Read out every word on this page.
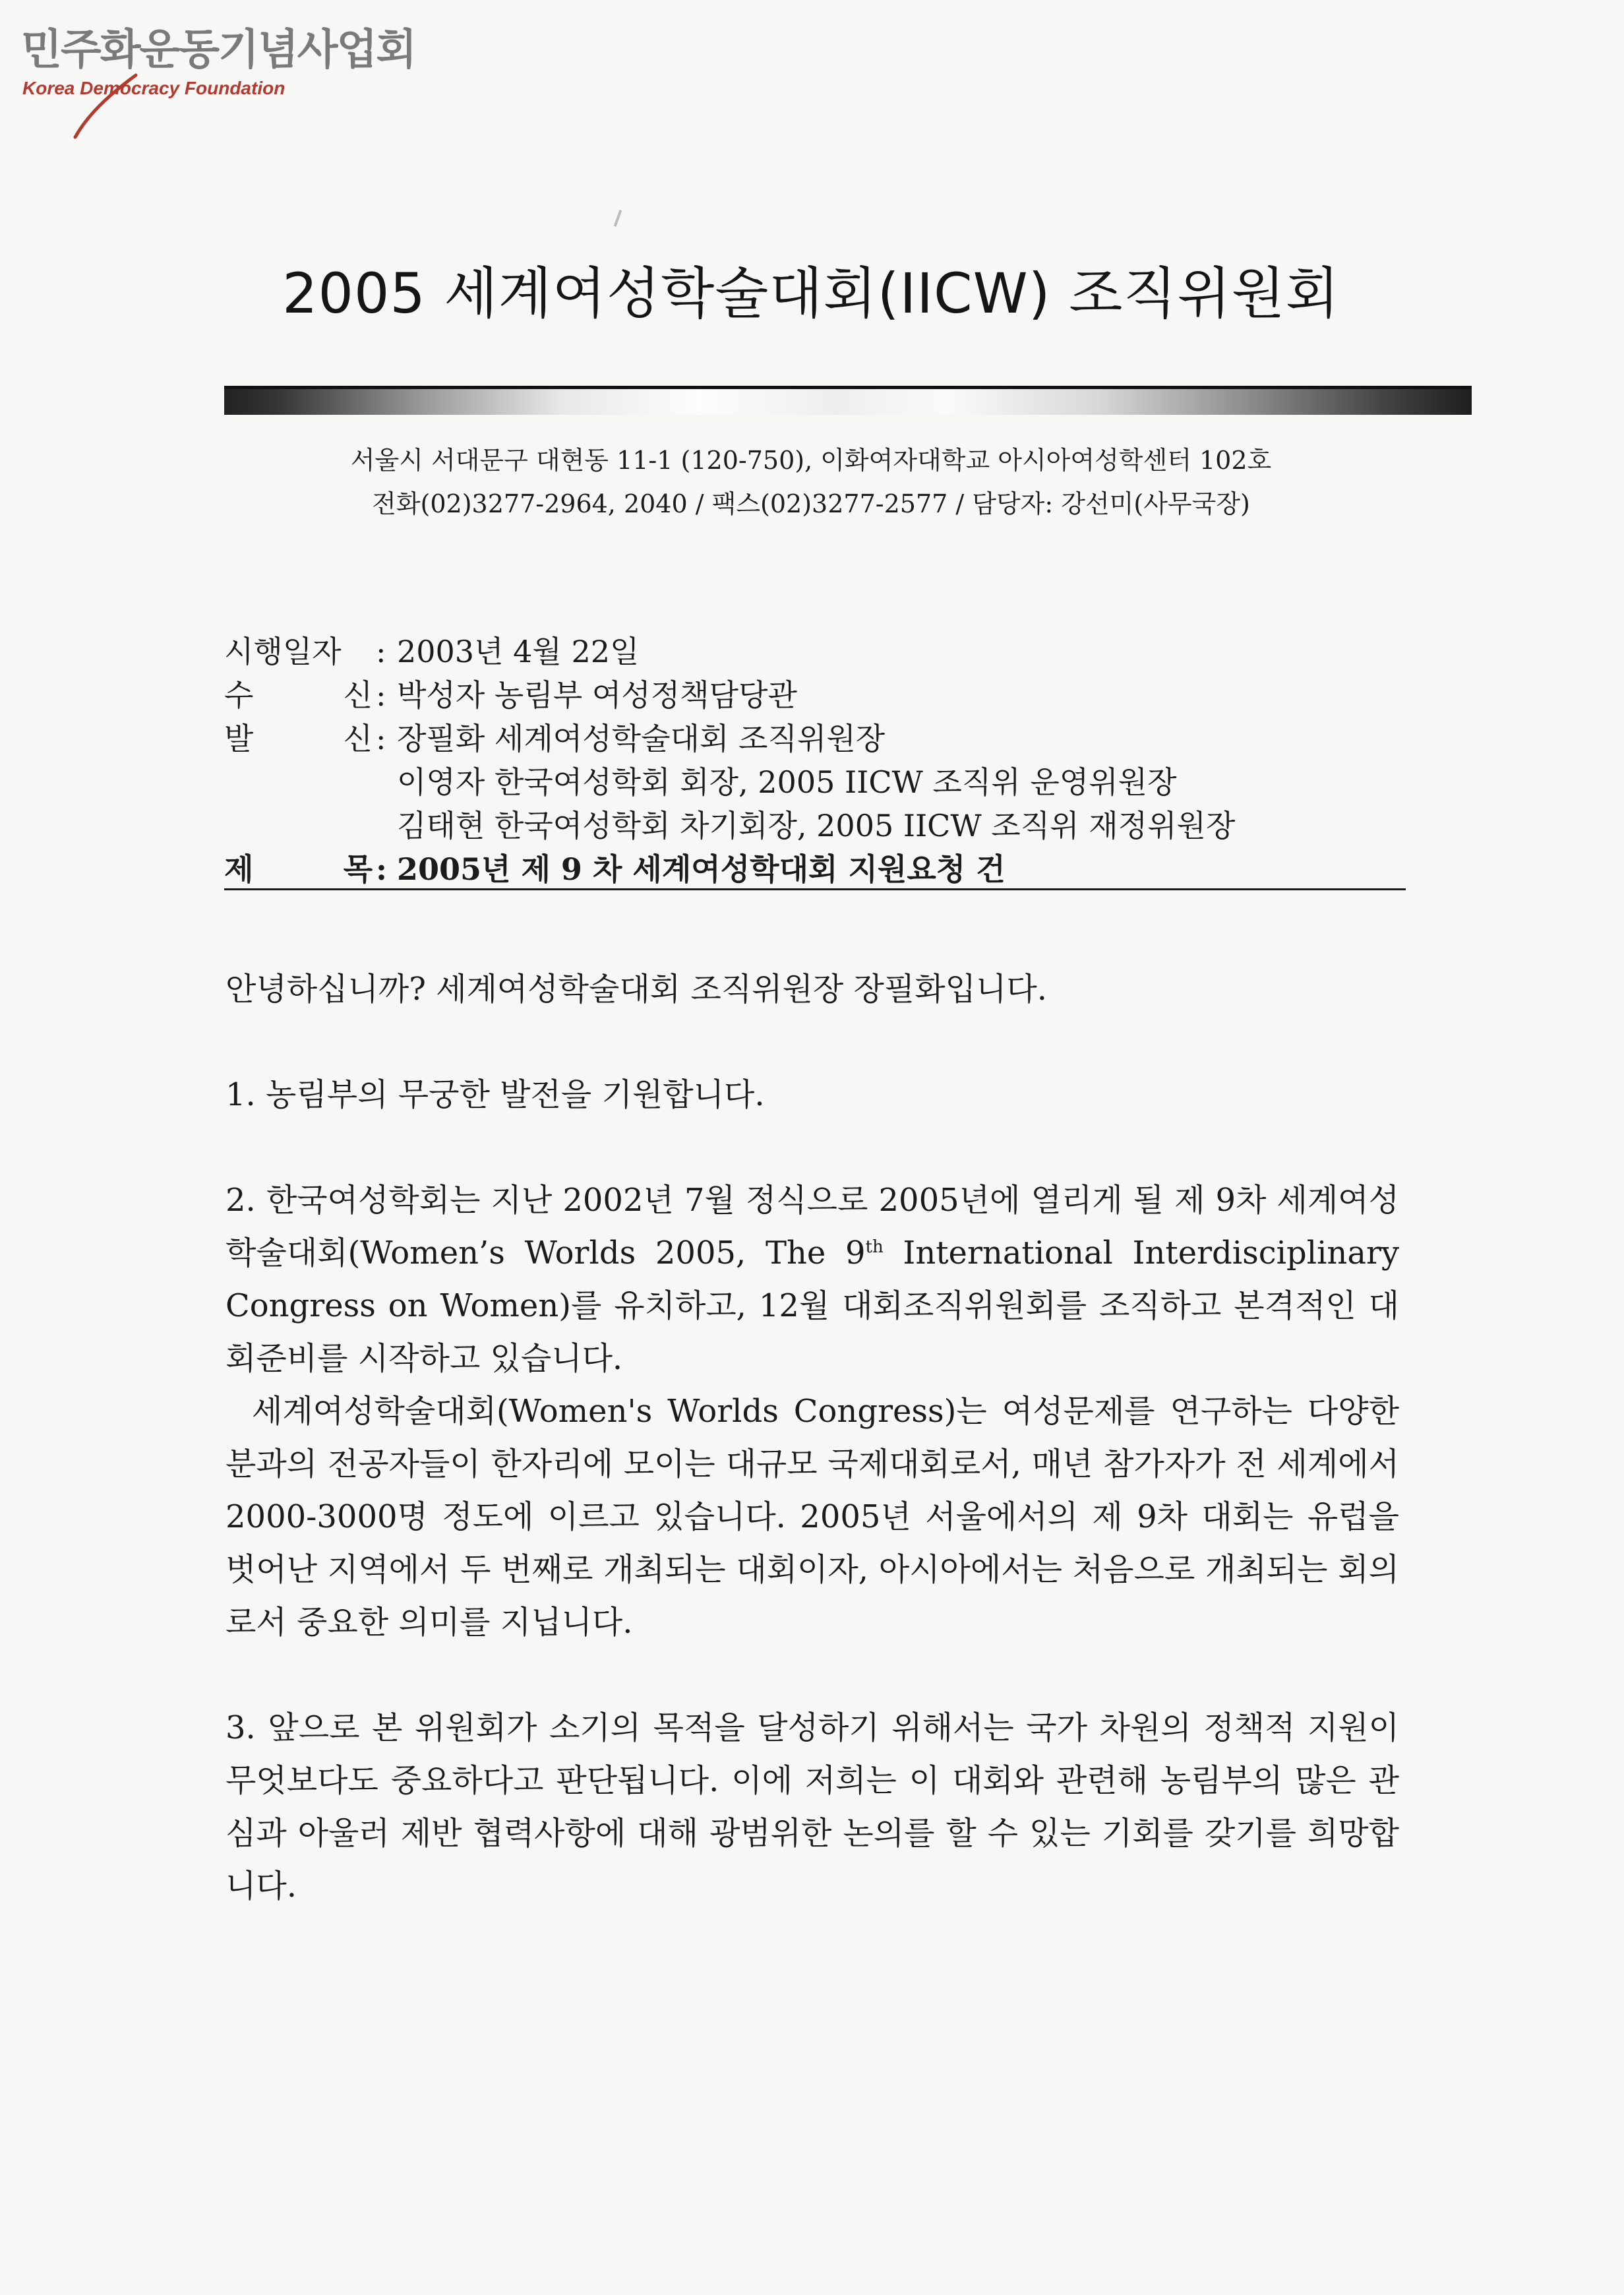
민주화운동기념사업회
Korea Democracy Foundation
2005 세계여성학술대회(IICW) 조직위원회
서울시 서대문구 대현동 11-1 (120-750), 이화여자대학교 아시아여성학센터 102호
전화(02)3277-2964, 2040 / 팩스(02)3277-2577 / 담당자: 강선미(사무국장)
시행일자	: 2003년 4월 22일
수	신 : 박성자 농림부 여성정책담당관
발	신 : 장필화 세계여성학술대회 조직위원장
이영자 한국여성학회 회장, 2005 IICW 조직위 운영위원장
김태현 한국여성학회 차기회장, 2005 IICW 조직위 재정위원장
제	목 : 2005년 제 9 차 세계여성학대회 지원요청 건

안녕하십니까? 세계여성학술대회 조직위원장 장필화입니다.

1. 농림부의 무궁한 발전을 기원합니다.

2. 한국여성학회는 지난 2002년 7월 정식으로 2005년에 열리게 될 제 9차 세계여성학술대회(Women’s Worlds 2005, The 9th International Interdisciplinary Congress on Women)를 유치하고, 12월 대회조직위원회를 조직하고 본격적인 대회준비를 시작하고 있습니다.

세계여성학술대회(Women's Worlds Congress)는 여성문제를 연구하는 다양한 분과의 전공자들이 한자리에 모이는 대규모 국제대회로서, 매년 참가자가 전 세계에서 2000-3000명 정도에 이르고 있습니다. 2005년 서울에서의 제 9차 대회는 유럽을 벗어난 지역에서 두 번째로 개최되는 대회이자, 아시아에서는 처음으로 개최되는 회의로서 중요한 의미를 지닙니다.

3. 앞으로 본 위원회가 소기의 목적을 달성하기 위해서는 국가 차원의 정책적 지원이 무엇보다도 중요하다고 판단됩니다. 이에 저희는 이 대회와 관련해 농림부의 많은 관심과 아울러 제반 협력사항에 대해 광범위한 논의를 할 수 있는 기회를 갖기를 희망합니다.
